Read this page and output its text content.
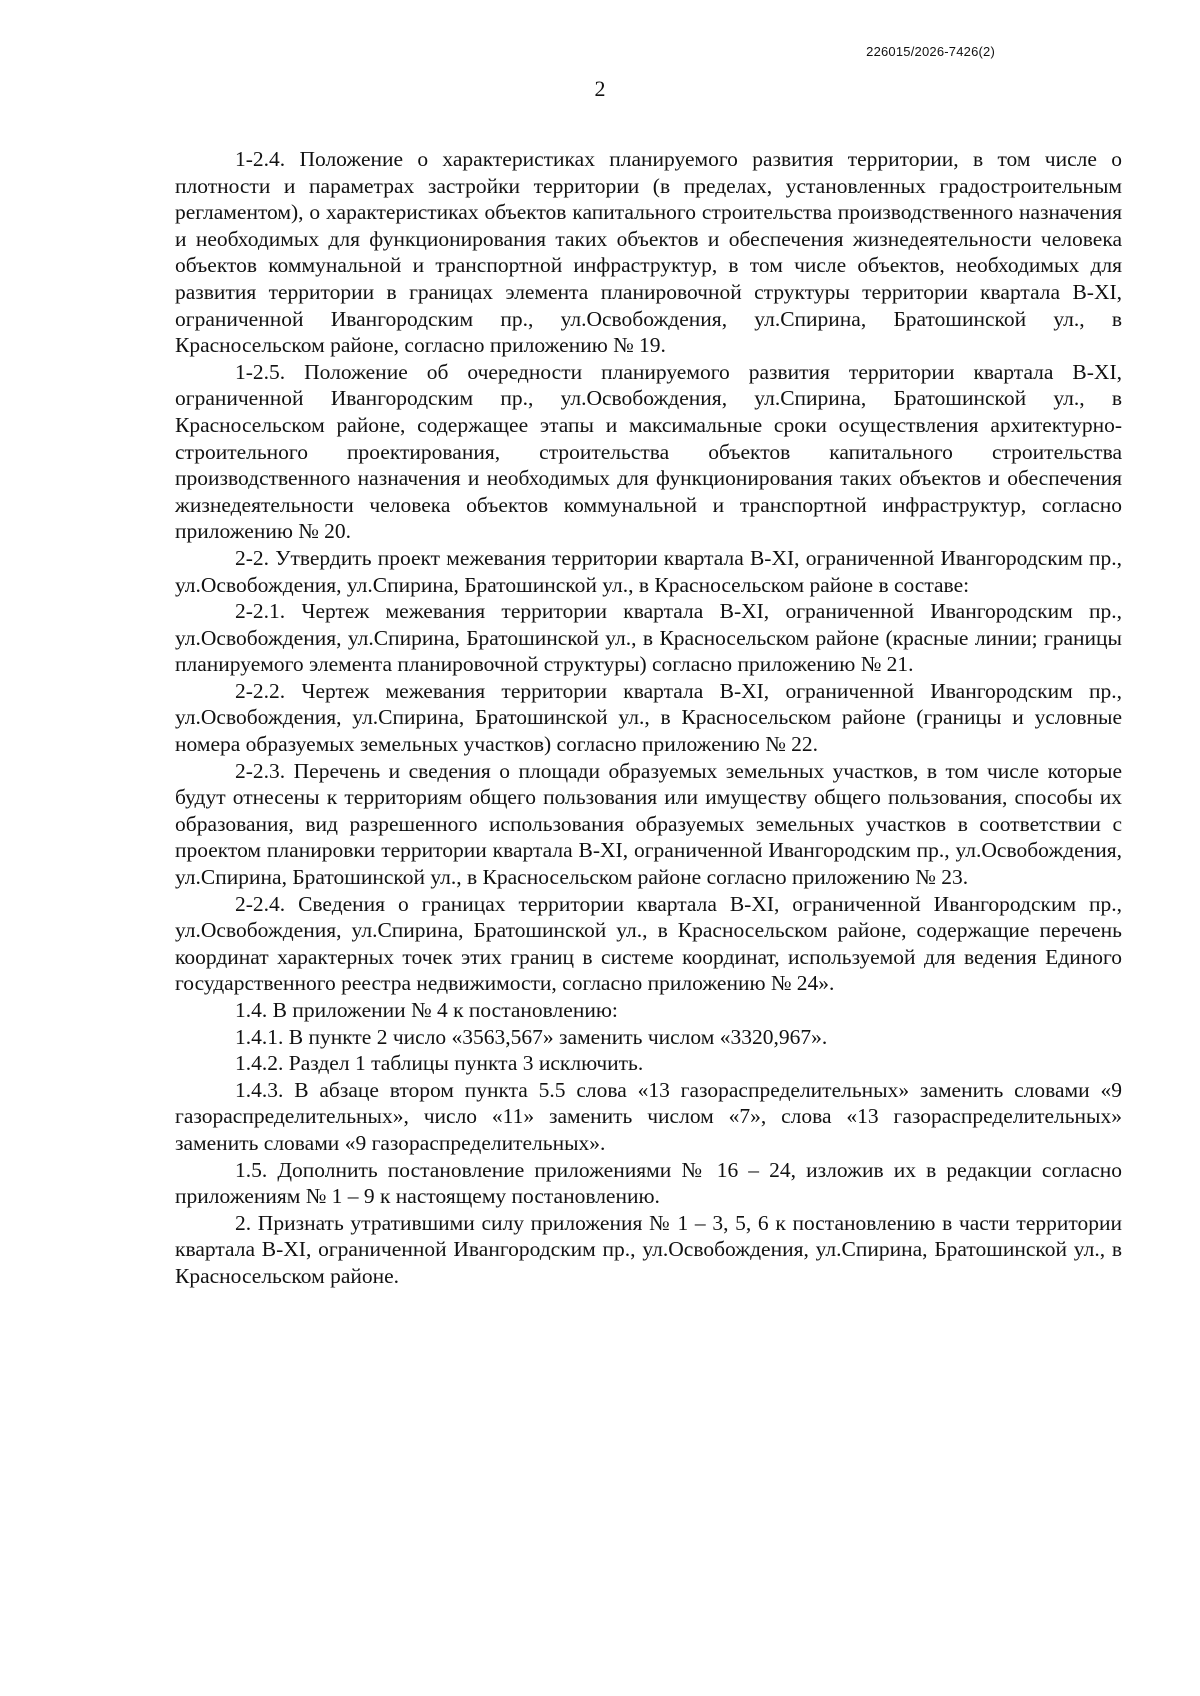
226015/2026-7426(2)
2

1-2.4. Положение о характеристиках планируемого развития территории, в том числе о плотности и параметрах застройки территории (в пределах, установленных градостроительным регламентом), о характеристиках объектов капитального строительства производственного назначения и необходимых для функционирования таких объектов и обеспечения жизнедеятельности человека объектов коммунальной и транспортной инфраструктур, в том числе объектов, необходимых для развития территории в границах элемента планировочной структуры территории квартала В-XI, ограниченной Ивангородским пр., ул.Освобождения, ул.Спирина, Братошинской ул., в Красносельском районе, согласно приложению № 19.

1-2.5. Положение об очередности планируемого развития территории квартала В-XI, ограниченной Ивангородским пр., ул.Освобождения, ул.Спирина, Братошинской ул., в Красносельском районе, содержащее этапы и максимальные сроки осуществления архитектурно-строительного проектирования, строительства объектов капитального строительства производственного назначения и необходимых для функционирования таких объектов и обеспечения жизнедеятельности человека объектов коммунальной и транспортной инфраструктур, согласно приложению № 20.

2-2. Утвердить проект межевания территории квартала В-XI, ограниченной Ивангородским пр., ул.Освобождения, ул.Спирина, Братошинской ул., в Красносельском районе в составе:

2-2.1. Чертеж межевания территории квартала В-XI, ограниченной Ивангородским пр., ул.Освобождения, ул.Спирина, Братошинской ул., в Красносельском районе (красные линии; границы планируемого элемента планировочной структуры) согласно приложению № 21.

2-2.2. Чертеж межевания территории квартала В-XI, ограниченной Ивангородским пр., ул.Освобождения, ул.Спирина, Братошинской ул., в Красносельском районе (границы и условные номера образуемых земельных участков) согласно приложению № 22.

2-2.3. Перечень и сведения о площади образуемых земельных участков, в том числе которые будут отнесены к территориям общего пользования или имуществу общего пользования, способы их образования, вид разрешенного использования образуемых земельных участков в соответствии с проектом планировки территории квартала В-XI, ограниченной Ивангородским пр., ул.Освобождения, ул.Спирина, Братошинской ул., в Красносельском районе согласно приложению № 23.

2-2.4. Сведения о границах территории квартала В-XI, ограниченной Ивангородским пр., ул.Освобождения, ул.Спирина, Братошинской ул., в Красносельском районе, содержащие перечень координат характерных точек этих границ в системе координат, используемой для ведения Единого государственного реестра недвижимости, согласно приложению № 24».

1.4. В приложении № 4 к постановлению:

1.4.1. В пункте 2 число «3563,567» заменить числом «3320,967».

1.4.2. Раздел 1 таблицы пункта 3 исключить.

1.4.3. В абзаце втором пункта 5.5 слова «13 газораспределительных» заменить словами «9 газораспределительных», число «11» заменить числом «7», слова «13 газораспределительных» заменить словами «9 газораспределительных».

1.5. Дополнить постановление приложениями № 16 – 24, изложив их в редакции согласно приложениям № 1 – 9 к настоящему постановлению.

2. Признать утратившими силу приложения № 1 – 3, 5, 6 к постановлению в части территории квартала В-XI, ограниченной Ивангородским пр., ул.Освобождения, ул.Спирина, Братошинской ул., в Красносельском районе.
